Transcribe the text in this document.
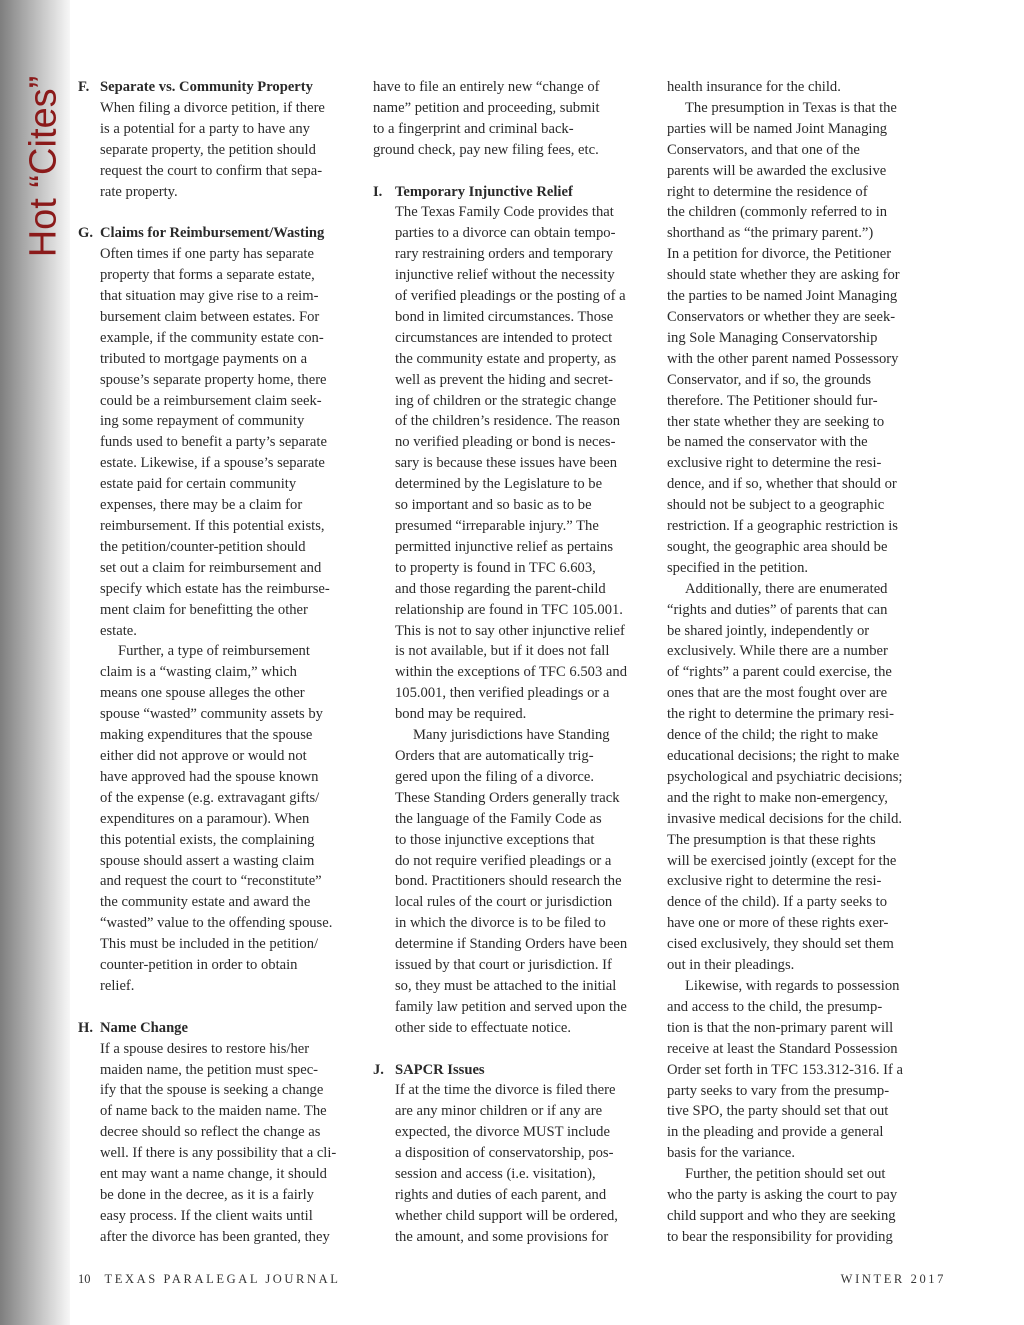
Hot “Cites” F. Separate vs. Community Property

When filing a divorce petition, if there
is a potential for a party to have any
separate property, the petition should
request the court to confirm that sepa-
rate property.

G. Claims for Reimbursement/Wasting

Often times if one party has separate
property that forms a separate estate,
that situation may give rise to a reim-
bursement claim between estates. For
example, if the community estate con-
tributed to mortgage payments on a
spouse’s separate property home, there
could be a reimbursement claim seek-
ing some repayment of community
funds used to benefit a party’s separate
estate. Likewise, if a spouse’s separate
estate paid for certain community
expenses, there may be a claim for
reimbursement. If this potential exists,
the petition/counter-petition should
set out a claim for reimbursement and
specify which estate has the reimburse-
ment claim for benefitting the other
estate.

Further, a type of reimbursement
claim is a “wasting claim,” which
means one spouse alleges the other
spouse “wasted” community assets by
making expenditures that the spouse
either did not approve or would not
have approved had the spouse known
of the expense (e.g. extravagant gifts/
expenditures on a paramour). When
this potential exists, the complaining
spouse should assert a wasting claim
and request the court to “reconstitute”
the community estate and award the
“wasted” value to the offending spouse.
This must be included in the petition/
counter-petition in order to obtain
relief.

H. Name Change

If a spouse desires to restore his/her
maiden name, the petition must spec-
ify that the spouse is seeking a change
of name back to the maiden name. The
decree should so reflect the change as
well. If there is any possibility that a cli-
ent may want a name change, it should
be done in the decree, as it is a fairly
easy process. If the client waits until
after the divorce has been granted, they

have to file an entirely new “change of
name” petition and proceeding, submit
to a fingerprint and criminal back-
ground check, pay new filing fees, etc.

I. Temporary Injunctive Relief

The Texas Family Code provides that
parties to a divorce can obtain tempo-
rary restraining orders and temporary
injunctive relief without the necessity
of verified pleadings or the posting of a
bond in limited circumstances. Those
circumstances are intended to protect
the community estate and property, as
well as prevent the hiding and secret-
ing of children or the strategic change
of the children’s residence. The reason
no verified pleading or bond is neces-
sary is because these issues have been
determined by the Legislature to be
so important and so basic as to be
presumed “irreparable injury.” The
permitted injunctive relief as pertains
to property is found in TFC 6.603,
and those regarding the parent-child
relationship are found in TFC 105.001.
This is not to say other injunctive relief
is not available, but if it does not fall
within the exceptions of TFC 6.503 and
105.001, then verified pleadings or a
bond may be required.

Many jurisdictions have Standing
Orders that are automatically trig-
gered upon the filing of a divorce.
These Standing Orders generally track
the language of the Family Code as
to those injunctive exceptions that
do not require verified pleadings or a
bond. Practitioners should research the
local rules of the court or jurisdiction
in which the divorce is to be filed to
determine if Standing Orders have been
issued by that court or jurisdiction. If
so, they must be attached to the initial
family law petition and served upon the
other side to effectuate notice.

J. SAPCR Issues

If at the time the divorce is filed there
are any minor children or if any are
expected, the divorce MUST include
a disposition of conservatorship, pos-
session and access (i.e. visitation),
rights and duties of each parent, and
whether child support will be ordered,
the amount, and some provisions for

health insurance for the child.

The presumption in Texas is that the
parties will be named Joint Managing
Conservators, and that one of the
parents will be awarded the exclusive
right to determine the residence of
the children (commonly referred to in
shorthand as “the primary parent.”)
In a petition for divorce, the Petitioner
should state whether they are asking for
the parties to be named Joint Managing
Conservators or whether they are seek-
ing Sole Managing Conservatorship
with the other parent named Possessory
Conservator, and if so, the grounds
therefore. The Petitioner should fur-
ther state whether they are seeking to
be named the conservator with the
exclusive right to determine the resi-
dence, and if so, whether that should or
should not be subject to a geographic
restriction. If a geographic restriction is
sought, the geographic area should be
specified in the petition.

Additionally, there are enumerated
“rights and duties” of parents that can
be shared jointly, independently or
exclusively. While there are a number
of “rights” a parent could exercise, the
ones that are the most fought over are
the right to determine the primary resi-
dence of the child; the right to make
educational decisions; the right to make
psychological and psychiatric decisions;
and the right to make non-emergency,
invasive medical decisions for the child.
The presumption is that these rights
will be exercised jointly (except for the
exclusive right to determine the resi-
dence of the child). If a party seeks to
have one or more of these rights exer-
cised exclusively, they should set them
out in their pleadings.

Likewise, with regards to possession
and access to the child, the presump-
tion is that the non-primary parent will
receive at least the Standard Possession
Order set forth in TFC 153.312-316. If a
party seeks to vary from the presump-
tive SPO, the party should set that out
in the pleading and provide a general
basis for the variance.

Further, the petition should set out
who the party is asking the court to pay
child support and who they are seeking
to bear the responsibility for providing

10 TEXAS PARALEGAL JOURNAL	WINTER 2017
